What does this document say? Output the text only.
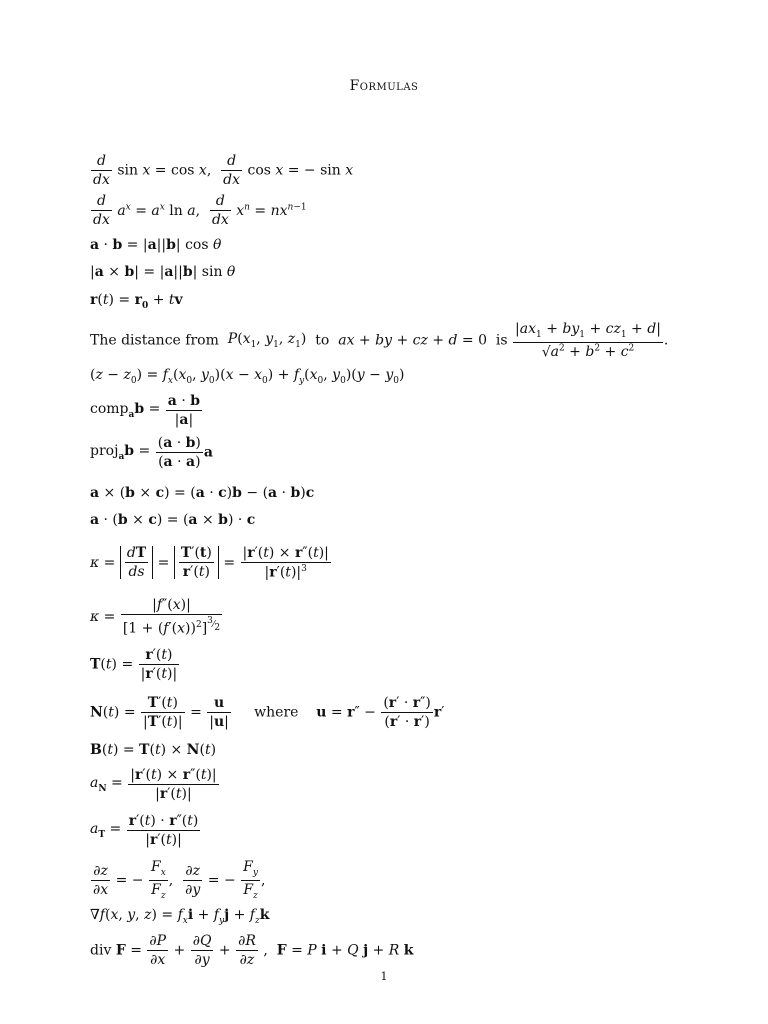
Formulas
$\frac{d}{dx}$ sin x = cos x, $\frac{d}{dx}$ cos x = − sin x
$\frac{d}{dx} a^x = a^x$ ln a, $\frac{d}{dx} x^n = nx^{n-1}$
a · b = |a||b| cos θ
|a × b| = |a||b| sin θ
$r(t) = r_0$ + tv
The distance from $P(x_1$, $y_1$, $z_1$)  to ax + by + cz + d = 0  is $\frac{|ax_1 + by_1 + cz_1 + d|}{√a^2 + b^2 + c^2}$ .
$(z - z_0) = f_x(x_0$, $y_0)(x - x_0) + f_y(x_0$, $y_0)(y - y_0)$
comp$_a$b = $\frac{a \cdot b}{|a|}$
proj$_a$b = $\frac{(a \cdot b)}{(a \cdot a)}$ a
a × (b × c) = (a · c)b − (a · b)c
a · (b × c) = (a × b) · c
$\kappa = \frac{dT}{ds} = \frac{T'(t)}{r'(t)} = \frac{|r'(t) \times r''(t)|}{|r'(t)|^3}$
$\kappa = \frac{|f''(x)|}{[1 + (f'(x))^2]^{^3⁄_2}}$
$T(t) = \frac{r'(t)}{|r'(t)|}$
$N(t) = \frac{T'(t)}{|T'(t)|} = \frac{u}{|u|}$ where $u = r'' - \frac{(r' \cdot r'')}{(r' \cdot r')} r'$
B(t) = T(t) × N(t)
$a_N = \frac{|r'(t) \times r''(t)|}{|r'(t)|}$
$a_T = \frac{r'(t) \cdot r''(t)}{|r'(t)|}$
$\frac{\partial z}{\partial x}$ = − $\frac{F_x}{F_z}$ , $\frac{\partial z}{\partial y}$ = − $\frac{F_y}{F_z}$ ,
∇f(x, y, $z) = f_xi + f_yj + f_zk$
div $F = \frac{\partial P}{\partial x} + \frac{\partial Q}{\partial y} + \frac{\partial R}{\partial z}$ ,  F = P i + Q j + R k
1
